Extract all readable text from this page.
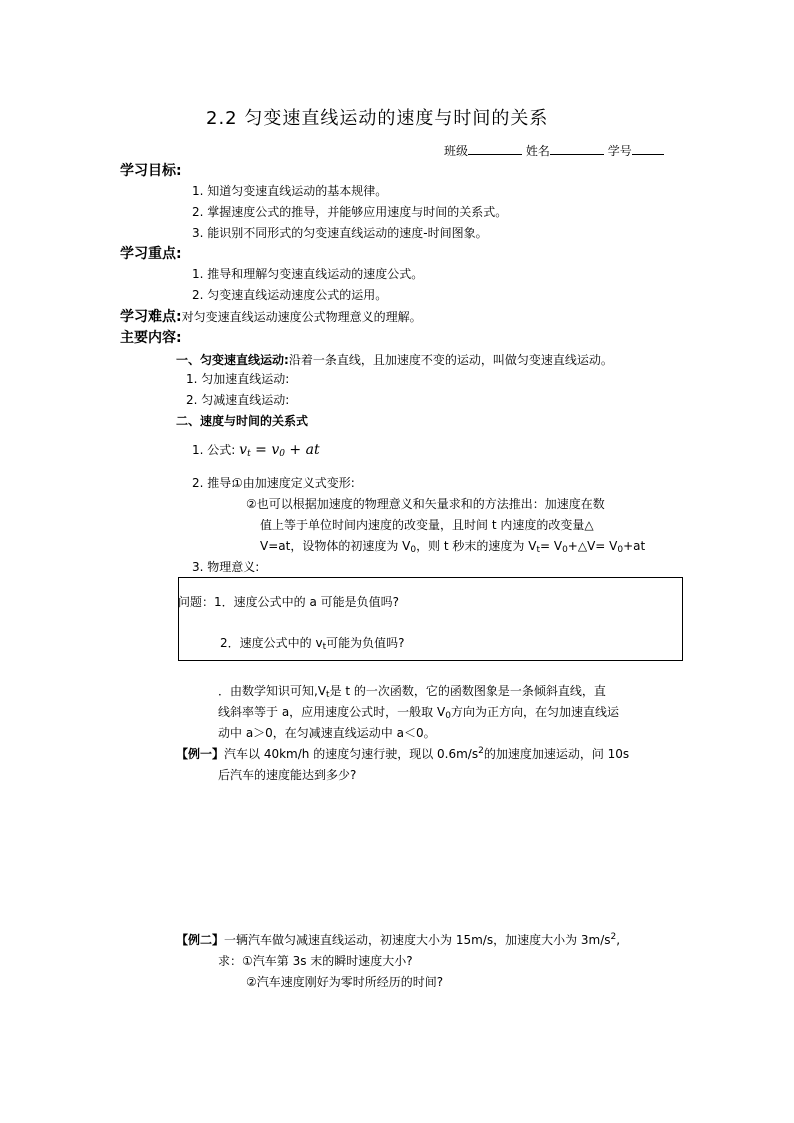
2.2 匀变速直线运动的速度与时间的关系
班级	姓名	学号
学习目标:
1. 知道匀变速直线运动的基本规律。
2. 掌握速度公式的推导，并能够应用速度与时间的关系式。
3. 能识别不同形式的匀变速直线运动的速度-时间图象。
学习重点:
1. 推导和理解匀变速直线运动的速度公式。
2. 匀变速直线运动速度公式的运用。
学习难点:对匀变速直线运动速度公式物理意义的理解。
主要内容:
一、匀变速直线运动:沿着一条直线，且加速度不变的运动，叫做匀变速直线运动。
1. 匀加速直线运动:
2. 匀减速直线运动:
二、速度与时间的关系式
1. 公式: $v_t = v_0$ + at
2. 推导:
①由加速度定义式变形:
②也可以根据加速度的物理意义和矢量求和的方法推出：加速度在数
值上等于单位时间内速度的改变量，且时间 t 内速度的改变量△
V=at，设物体的初速度为 $V_0$，则 t 秒末的速度为 $V_t=$ $V_0+\triangle V= V_0+at$
3. 物理意义:
问题：1．速度公式中的 a 可能是负值吗?
2．速度公式中的 $v_t$可能为负值吗?
．由数学知识可知$,V_t$是 t 的一次函数，它的函数图象是一条倾斜直线，直
线斜率等于 a，应用速度公式时，一般取 $V_0$方向为正方向，在匀加速直线运
动中 a＞0，在匀减速直线运动中 a＜0。
【例一】汽车以 40km/h 的速度匀速行驶，现以 $0.6m/s^2$的加速度加速运动，问 10s
后汽车的速度能达到多少?
【例二】一辆汽车做匀减速直线运动，初速度大小为 15m/s，加速度大小为 $3m/s^2$,
求：①汽车第 3s 末的瞬时速度大小?
②汽车速度刚好为零时所经历的时间?
